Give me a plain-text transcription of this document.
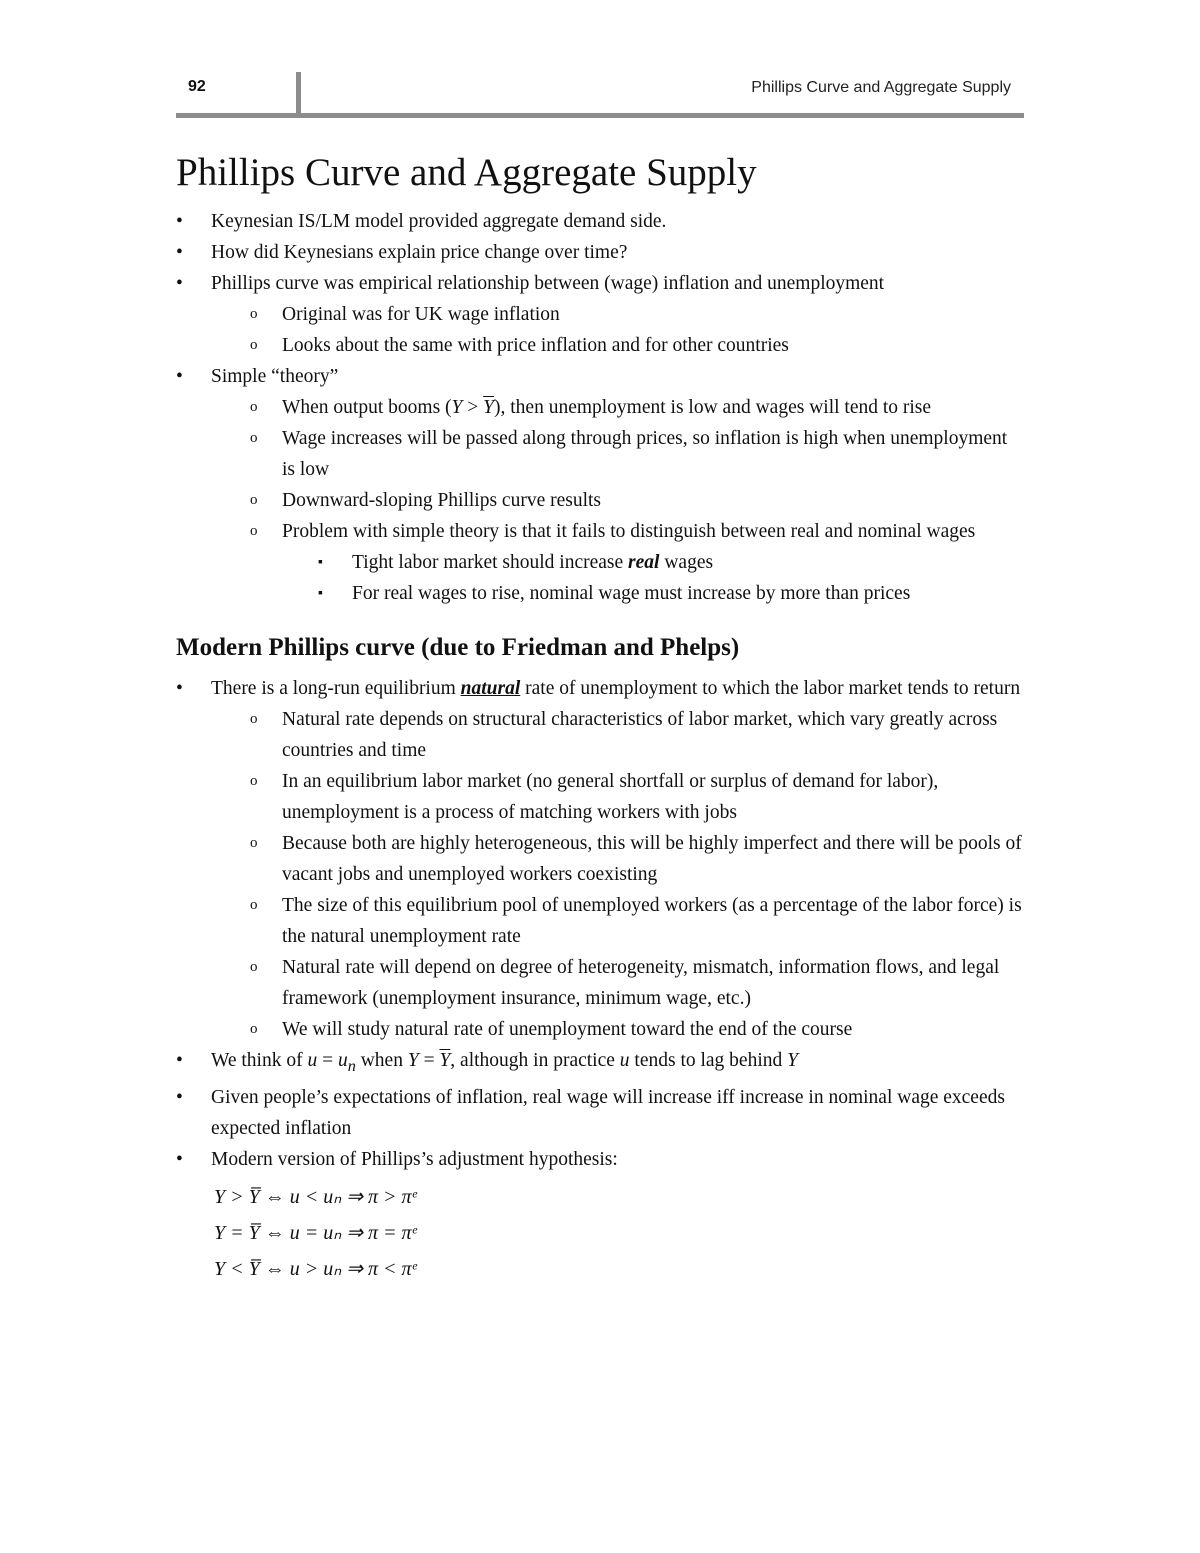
92	Phillips Curve and Aggregate Supply
Phillips Curve and Aggregate Supply
• Keynesian IS/LM model provided aggregate demand side.
• How did Keynesians explain price change over time?
• Phillips curve was empirical relationship between (wage) inflation and unemployment
o Original was for UK wage inflation
o Looks about the same with price inflation and for other countries
• Simple “theory”
o When output booms $(Y > \overline{Y})$, then unemployment is low and wages will tend to rise
o Wage increases will be passed along through prices, so inflation is high when unemployment is low
o Downward-sloping Phillips curve results
o Problem with simple theory is that it fails to distinguish between real and nominal wages
▪ Tight labor market should increase real wages
▪ For real wages to rise, nominal wage must increase by more than prices
Modern Phillips curve (due to Friedman and Phelps)
• There is a long-run equilibrium natural rate of unemployment to which the labor market tends to return
o Natural rate depends on structural characteristics of labor market, which vary greatly across countries and time
o In an equilibrium labor market (no general shortfall or surplus of demand for labor), unemployment is a process of matching workers with jobs
o Because both are highly heterogeneous, this will be highly imperfect and there will be pools of vacant jobs and unemployed workers coexisting
o The size of this equilibrium pool of unemployed workers (as a percentage of the labor force) is the natural unemployment rate
o Natural rate will depend on degree of heterogeneity, mismatch, information flows, and legal framework (unemployment insurance, minimum wage, etc.)
o We will study natural rate of unemployment toward the end of the course
• We think of $u = u_n$ when $Y = \overline{Y}$, although in practice u tends to lag behind Y
• Given people’s expectations of inflation, real wage will increase iff increase in nominal wage exceeds expected inflation
• Modern version of Phillips’s adjustment hypothesis:
Y > Y̅ ⇔ u < uₙ ⇒ π > πᵉ
Y = Y̅ ⇔ u = uₙ ⇒ π = πᵉ
Y < Y̅ ⇔ u > uₙ ⇒ π < πᵉ
